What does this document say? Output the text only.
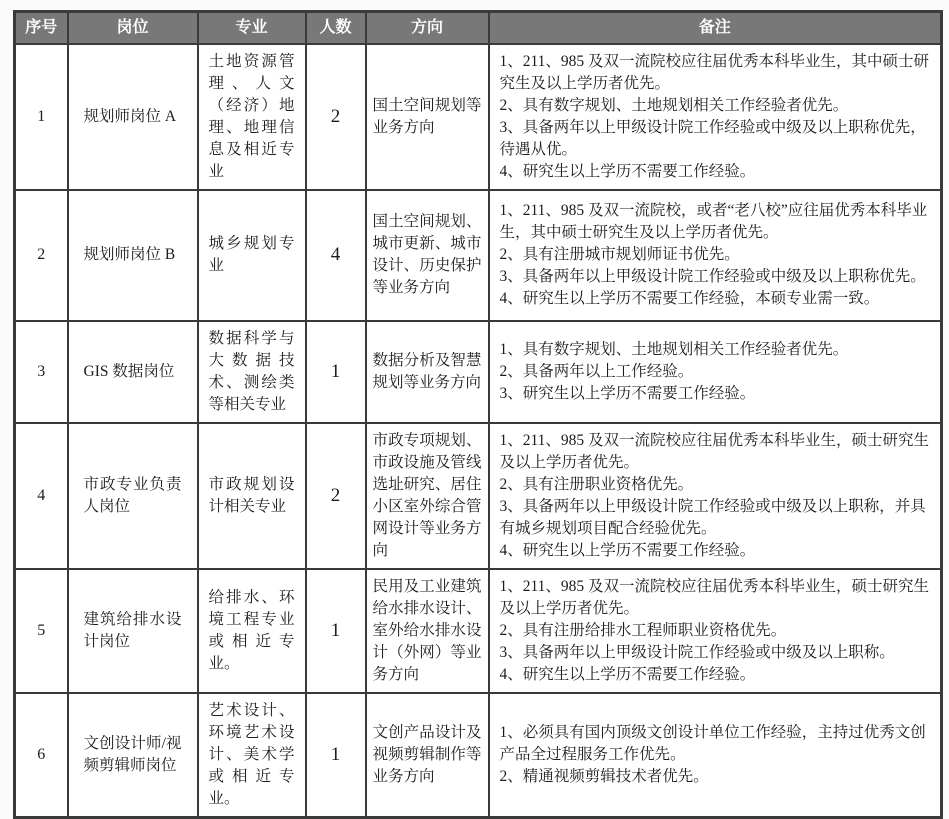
序号	岗位	专业	人数	方向	备注
1	规划师岗位 A	土地资源管理、人文（经济）地理、地理信息及相近专业	2	国土空间规划等业务方向	1、211、985 及双一流院校应往届优秀本科毕业生，其中硕士研究生及以上学历者优先。
2、具有数字规划、土地规划相关工作经验者优先。
3、具备两年以上甲级设计院工作经验或中级及以上职称优先，待遇从优。
4、研究生以上学历不需要工作经验。

2	规划师岗位 B	城乡规划专业	4	国土空间规划、城市更新、城市设计、历史保护等业务方向	1、211、985 及双一流院校，或者“老八校”应往届优秀本科毕业生，其中硕士研究生及以上学历者优先。
2、具有注册城市规划师证书优先。
3、具备两年以上甲级设计院工作经验或中级及以上职称优先。
4、研究生以上学历不需要工作经验，本硕专业需一致。

3	GIS 数据岗位	数据科学与大数据技术、测绘类等相关专业	1	数据分析及智慧规划等业务方向	1、具有数字规划、土地规划相关工作经验者优先。
2、具备两年以上工作经验。
3、研究生以上学历不需要工作经验。

4	市政专业负责人岗位	市政规划设计相关专业	2	市政专项规划、市政设施及管线选址研究、居住小区室外综合管网设计等业务方向	1、211、985 及双一流院校应往届优秀本科毕业生，硕士研究生及以上学历者优先。
2、具有注册职业资格优先。
3、具备两年以上甲级设计院工作经验或中级及以上职称，并具有城乡规划项目配合经验优先。
4、研究生以上学历不需要工作经验。

5	建筑给排水设计岗位	给排水、环境工程专业或相近专业。	1	民用及工业建筑给水排水设计、室外给水排水设计（外网）等业务方向	1、211、985 及双一流院校应往届优秀本科毕业生，硕士研究生及以上学历者优先。
2、具有注册给排水工程师职业资格优先。
3、具备两年以上甲级设计院工作经验或中级及以上职称。
4、研究生以上学历不需要工作经验。

6	文创设计师/视频剪辑师岗位	艺术设计、环境艺术设计、美术学或相近专业。	1	文创产品设计及视频剪辑制作等业务方向	1、必须具有国内顶级文创设计单位工作经验，主持过优秀文创产品全过程服务工作优先。
2、精通视频剪辑技术者优先。
